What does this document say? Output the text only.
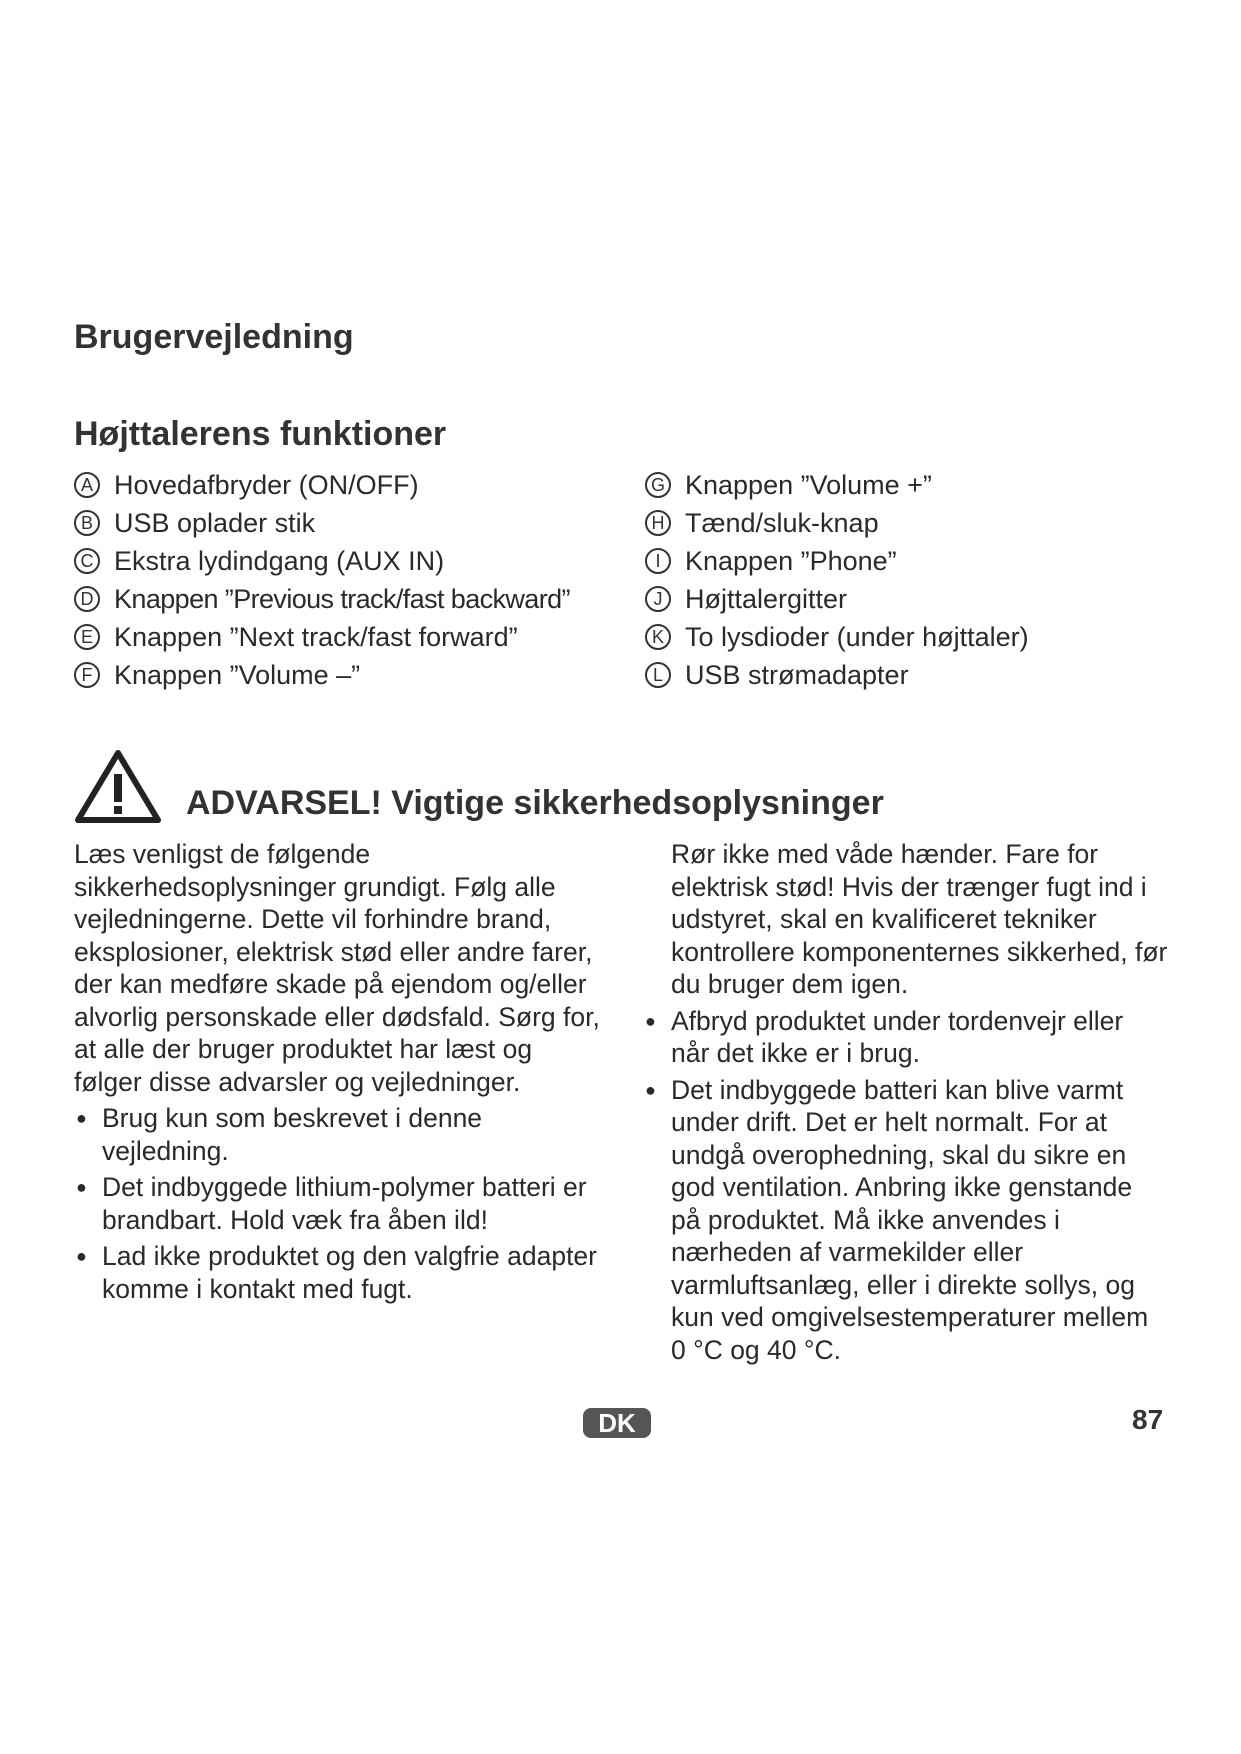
Brugervejledning
Højttalerens funktioner
A Hovedafbryder (ON/OFF)
B USB oplader stik
C Ekstra lydindgang (AUX IN)
D Knappen ”Previous track/fast backward”
E Knappen ”Next track/fast forward”
F Knappen ”Volume –”
G Knappen ”Volume +”
H Tænd/sluk-knap
I Knappen ”Phone”
J Højttalergitter
K To lysdioder (under højttaler)
L USB strømadapter
ADVARSEL! Vigtige sikkerhedsoplysninger

Læs venligst de følgende sikkerhedsoplysninger grundigt. Følg alle vejledningerne. Dette vil forhindre brand, eksplosioner, elektrisk stød eller andre farer, der kan medføre skade på ejendom og/eller alvorlig personskade eller dødsfald. Sørg for, at alle der bruger produktet har læst og følger disse advarsler og vejledninger.

● Brug kun som beskrevet i denne vejledning.

● Det indbyggede lithium-polymer batteri er brandbart. Hold væk fra åben ild!

● Lad ikke produktet og den valgfrie adapter komme i kontakt med fugt.

Rør ikke med våde hænder. Fare for elektrisk stød! Hvis der trænger fugt ind i udstyret, skal en kvalificeret tekniker kontrollere komponenternes sikkerhed, før du bruger dem igen.

● Afbryd produktet under tordenvejr eller når det ikke er i brug.

● Det indbyggede batteri kan blive varmt under drift. Det er helt normalt. For at undgå overophedning, skal du sikre en god ventilation. Anbring ikke genstande på produktet. Må ikke anvendes i nærheden af varmekilder eller varmluftsanlæg, eller i direkte sollys, og kun ved omgivelsestemperaturer mellem 0 °C og 40 °C.

DK	87
